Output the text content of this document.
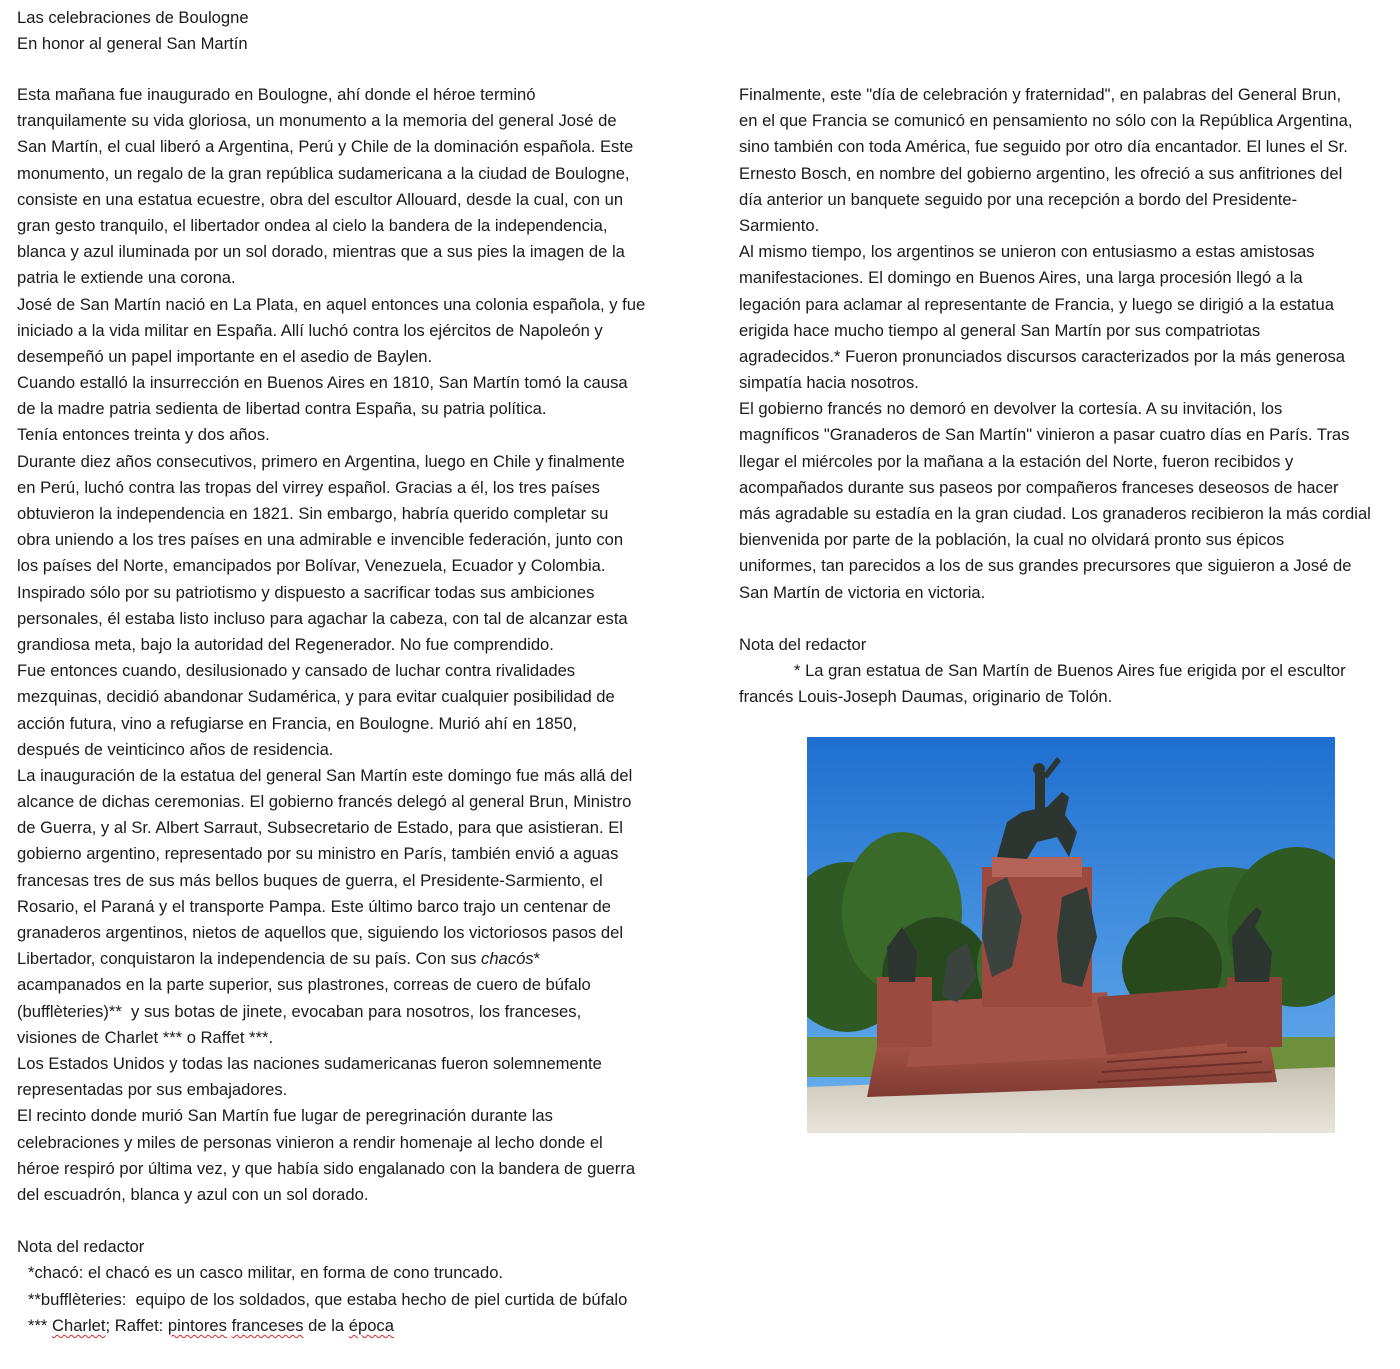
Las celebraciones de Boulogne
En honor al general San Martín
Esta mañana fue inaugurado en Boulogne, ahí donde el héroe terminó
tranquilamente su vida gloriosa, un monumento a la memoria del general José de
San Martín, el cual liberó a Argentina, Perú y Chile de la dominación española. Este
monumento, un regalo de la gran república sudamericana a la ciudad de Boulogne,
consiste en una estatua ecuestre, obra del escultor Allouard, desde la cual, con un
gran gesto tranquilo, el libertador ondea al cielo la bandera de la independencia,
blanca y azul iluminada por un sol dorado, mientras que a sus pies la imagen de la
patria le extiende una corona.
José de San Martín nació en La Plata, en aquel entonces una colonia española, y fue
iniciado a la vida militar en España. Allí luchó contra los ejércitos de Napoleón y
desempeñó un papel importante en el asedio de Baylen.
Cuando estalló la insurrección en Buenos Aires en 1810, San Martín tomó la causa
de la madre patria sedienta de libertad contra España, su patria política.
Tenía entonces treinta y dos años.
Durante diez años consecutivos, primero en Argentina, luego en Chile y finalmente
en Perú, luchó contra las tropas del virrey español. Gracias a él, los tres países
obtuvieron la independencia en 1821. Sin embargo, habría querido completar su
obra uniendo a los tres países en una admirable e invencible federación, junto con
los países del Norte, emancipados por Bolívar, Venezuela, Ecuador y Colombia.
Inspirado sólo por su patriotismo y dispuesto a sacrificar todas sus ambiciones
personales, él estaba listo incluso para agachar la cabeza, con tal de alcanzar esta
grandiosa meta, bajo la autoridad del Regenerador. No fue comprendido.
Fue entonces cuando, desilusionado y cansado de luchar contra rivalidades
mezquinas, decidió abandonar Sudamérica, y para evitar cualquier posibilidad de
acción futura, vino a refugiarse en Francia, en Boulogne. Murió ahí en 1850,
después de veinticinco años de residencia.
La inauguración de la estatua del general San Martín este domingo fue más allá del
alcance de dichas ceremonias. El gobierno francés delegó al general Brun, Ministro
de Guerra, y al Sr. Albert Sarraut, Subsecretario de Estado, para que asistieran. El
gobierno argentino, representado por su ministro en París, también envió a aguas
francesas tres de sus más bellos buques de guerra, el Presidente-Sarmiento, el
Rosario, el Paraná y el transporte Pampa. Este último barco trajo un centenar de
granaderos argentinos, nietos de aquellos que, siguiendo los victoriosos pasos del
Libertador, conquistaron la independencia de su país. Con sus chacós*
acampanados en la parte superior, sus plastrones, correas de cuero de búfalo
(bufflèteries)**  y sus botas de jinete, evocaban para nosotros, los franceses,
visiones de Charlet *** o Raffet ***.
Los Estados Unidos y todas las naciones sudamericanas fueron solemnemente
representadas por sus embajadores.
El recinto donde murió San Martín fue lugar de peregrinación durante las
celebraciones y miles de personas vinieron a rendir homenaje al lecho donde el
héroe respiró por última vez, y que había sido engalanado con la bandera de guerra
del escuadrón, blanca y azul con un sol dorado.
Nota del redactor
*chacó: el chacó es un casco militar, en forma de cono truncado.
**bufflèteries:  equipo de los soldados, que estaba hecho de piel curtida de búfalo
*** Charlet; Raffet: pintores franceses de la época
Finalmente, este "día de celebración y fraternidad", en palabras del General Brun,
en el que Francia se comunicó en pensamiento no sólo con la República Argentina,
sino también con toda América, fue seguido por otro día encantador. El lunes el Sr.
Ernesto Bosch, en nombre del gobierno argentino, les ofreció a sus anfitriones del
día anterior un banquete seguido por una recepción a bordo del Presidente-
Sarmiento.
Al mismo tiempo, los argentinos se unieron con entusiasmo a estas amistosas
manifestaciones. El domingo en Buenos Aires, una larga procesión llegó a la
legación para aclamar al representante de Francia, y luego se dirigió a la estatua
erigida hace mucho tiempo al general San Martín por sus compatriotas
agradecidos.* Fueron pronunciados discursos caracterizados por la más generosa
simpatía hacia nosotros.
El gobierno francés no demoró en devolver la cortesía. A su invitación, los
magníficos "Granaderos de San Martín" vinieron a pasar cuatro días en París. Tras
llegar el miércoles por la mañana a la estación del Norte, fueron recibidos y
acompañados durante sus paseos por compañeros franceses deseosos de hacer
más agradable su estadía en la gran ciudad. Los granaderos recibieron la más cordial
bienvenida por parte de la población, la cual no olvidará pronto sus épicos
uniformes, tan parecidos a los de sus grandes precursores que siguieron a José de
San Martín de victoria en victoria.
Nota del redactor
* La gran estatua de San Martín de Buenos Aires fue erigida por el escultor
francés Louis-Joseph Daumas, originario de Tolón.
